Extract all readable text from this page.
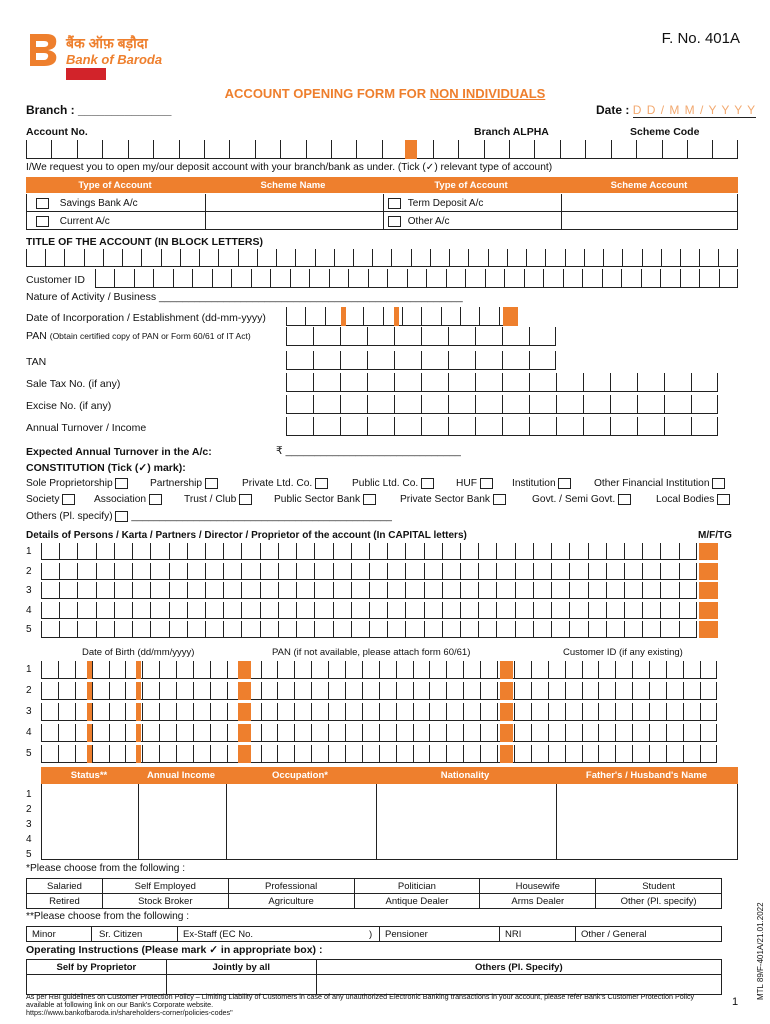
बैंक ऑफ़ बड़ौदा
Bank of Baroda
F. No. 401A
ACCOUNT OPENING FORM FOR NON INDIVIDUALS
Branch : ______________	Date : D D / M M / Y Y Y Y
Account No.	Branch ALPHA	Scheme Code
I/We request you to open my/our deposit account with your branch/bank as under. (Tick (✓) relevant type of account)
Type of Account	Scheme Name	Type of Account	Scheme Account
Savings Bank A/c	Term Deposit A/c
Current A/c	Other A/c
TITLE OF THE ACCOUNT (IN BLOCK LETTERS)
Customer ID
Nature of Activity / Business ____________________________________________________
Date of Incorporation / Establishment (dd-mm-yyyy)
PAN (Obtain certified copy of PAN or Form 60/61 of IT Act)
TAN
Sale Tax No. (if any)
Excise No. (if any)
Annual Turnover / Income
Expected Annual Turnover in the A/c:	₹ ______________________________
CONSTITUTION (Tick (✓) mark):
Sole Proprietorship	Partnership	Private Ltd. Co.	Public Ltd. Co.	HUF	Institution	Other Financial Institution
Society	Association	Trust / Club	Public Sector Bank	Private Sector Bank	Govt. / Semi Govt.	Local Bodies
Others (Pl. specify) ______________________________________________
Details of Persons / Karta / Partners / Director / Proprietor of the account (In CAPITAL letters)	M/F/TG
1
2
3
4
5
Date of Birth (dd/mm/yyyy)	PAN (if not available, please attach form 60/61)	Customer ID (if any existing)
1
2
3
4
5
Status**	Annual Income	Occupation*	Nationality	Father's / Husband's Name
1
2
3
4
5
*Please choose from the following :
Salaried	Self Employed	Professional	Politician	Housewife	Student
Retired	Stock Broker	Agriculture	Antique Dealer	Arms Dealer	Other (Pl. specify)
**Please choose from the following :
Minor	Sr. Citizen	Ex-Staff (EC No.	) Pensioner	NRI	Other / General
Operating Instructions (Please mark ✓ in appropriate box) :
Self by Proprietor	Jointly by all	Others (Pl. Specify)

As per RBI guidelines on Customer Protection Policy – Limiting Liability of Customers in case of any unauthorized Electronic Banking transactions in your account, please refer Bank's Customer Protection Policy available at following link on our Bank's Corporate website.
https://www.bankofbaroda.in/shareholders-corner/policies-codes"
1
MTL 89/F-401A/21.01.2022
